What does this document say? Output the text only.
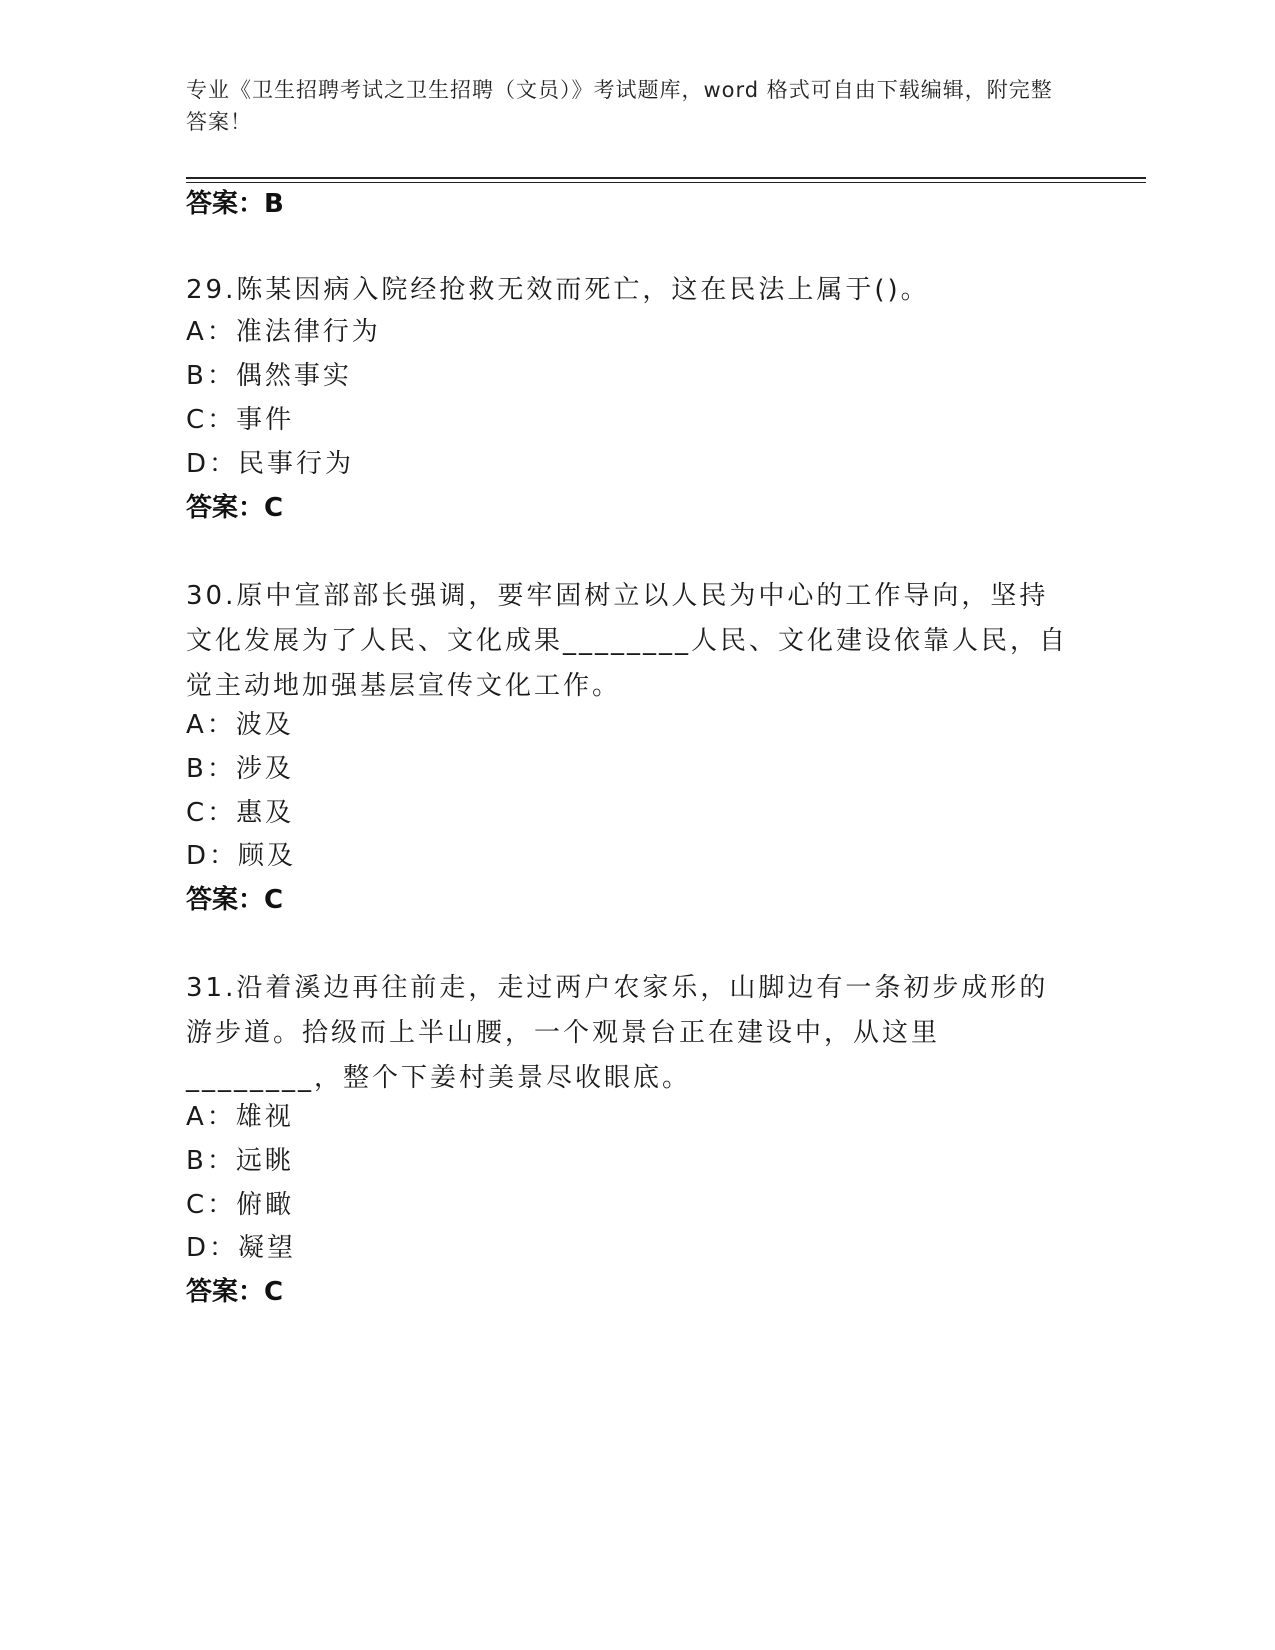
专业《卫生招聘考试之卫生招聘（文员）》考试题库，word 格式可自由下载编辑，附完整答案！
答案：B
29.陈某因病入院经抢救无效而死亡，这在民法上属于()。
A：准法律行为
B：偶然事实
C：事件
D：民事行为
答案：C
30.原中宣部部长强调，要牢固树立以人民为中心的工作导向，坚持文化发展为了人民、文化成果________人民、文化建设依靠人民，自觉主动地加强基层宣传文化工作。
A：波及
B：涉及
C：惠及
D：顾及
答案：C
31.沿着溪边再往前走，走过两户农家乐，山脚边有一条初步成形的游步道。拾级而上半山腰，一个观景台正在建设中，从这里________，整个下姜村美景尽收眼底。
A：雄视
B：远眺
C：俯瞰
D：凝望
答案：C
